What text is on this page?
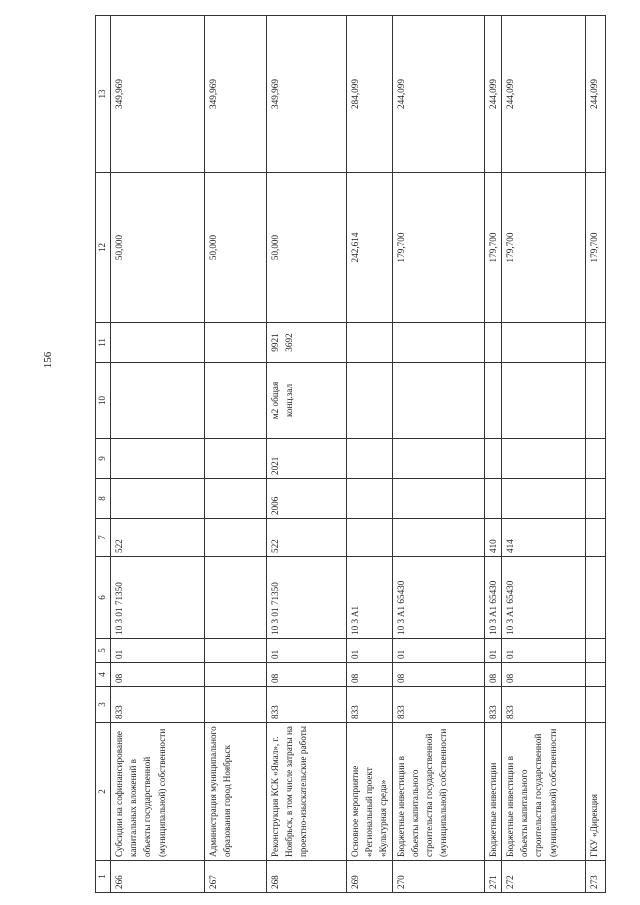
156
1	2	3	4	5	6	7	8	9	10	11	12	13
266	Субсидии на софинансирование капитальных вложений в объекты государственной (муниципальной) собственности	833	08	01	10 3 01 71350	522					50,000	349,969
267	Администрация муниципального образования город Ноябрьск										50,000	349,969
268	Реконструкция КСК «Ямал», г. Ноябрьск, в том числе затраты на проектно-изыскательские работы	833	08	01	10 3 01 71350	522	2006	2021	м2 общая конц.зал	9921 3692	50,000	349,969
269	Основное мероприятие «Региональный проект «Культурная среда»	833	08	01	10 3 A1						242,614	284,099
270	Бюджетные инвестиции в объекты капитального строительства государственной (муниципальной) собственности	833	08	01	10 3 A1 65430						179,700	244,099
271	Бюджетные инвестиции	833	08	01	10 3 A1 65430	410					179,700	244,099
272	Бюджетные инвестиции в объекты капитального строительства государственной (муниципальной) собственности	833	08	01	10 3 A1 65430	414					179,700	244,099
273	ГКУ «Дирекция										179,700	244,099
